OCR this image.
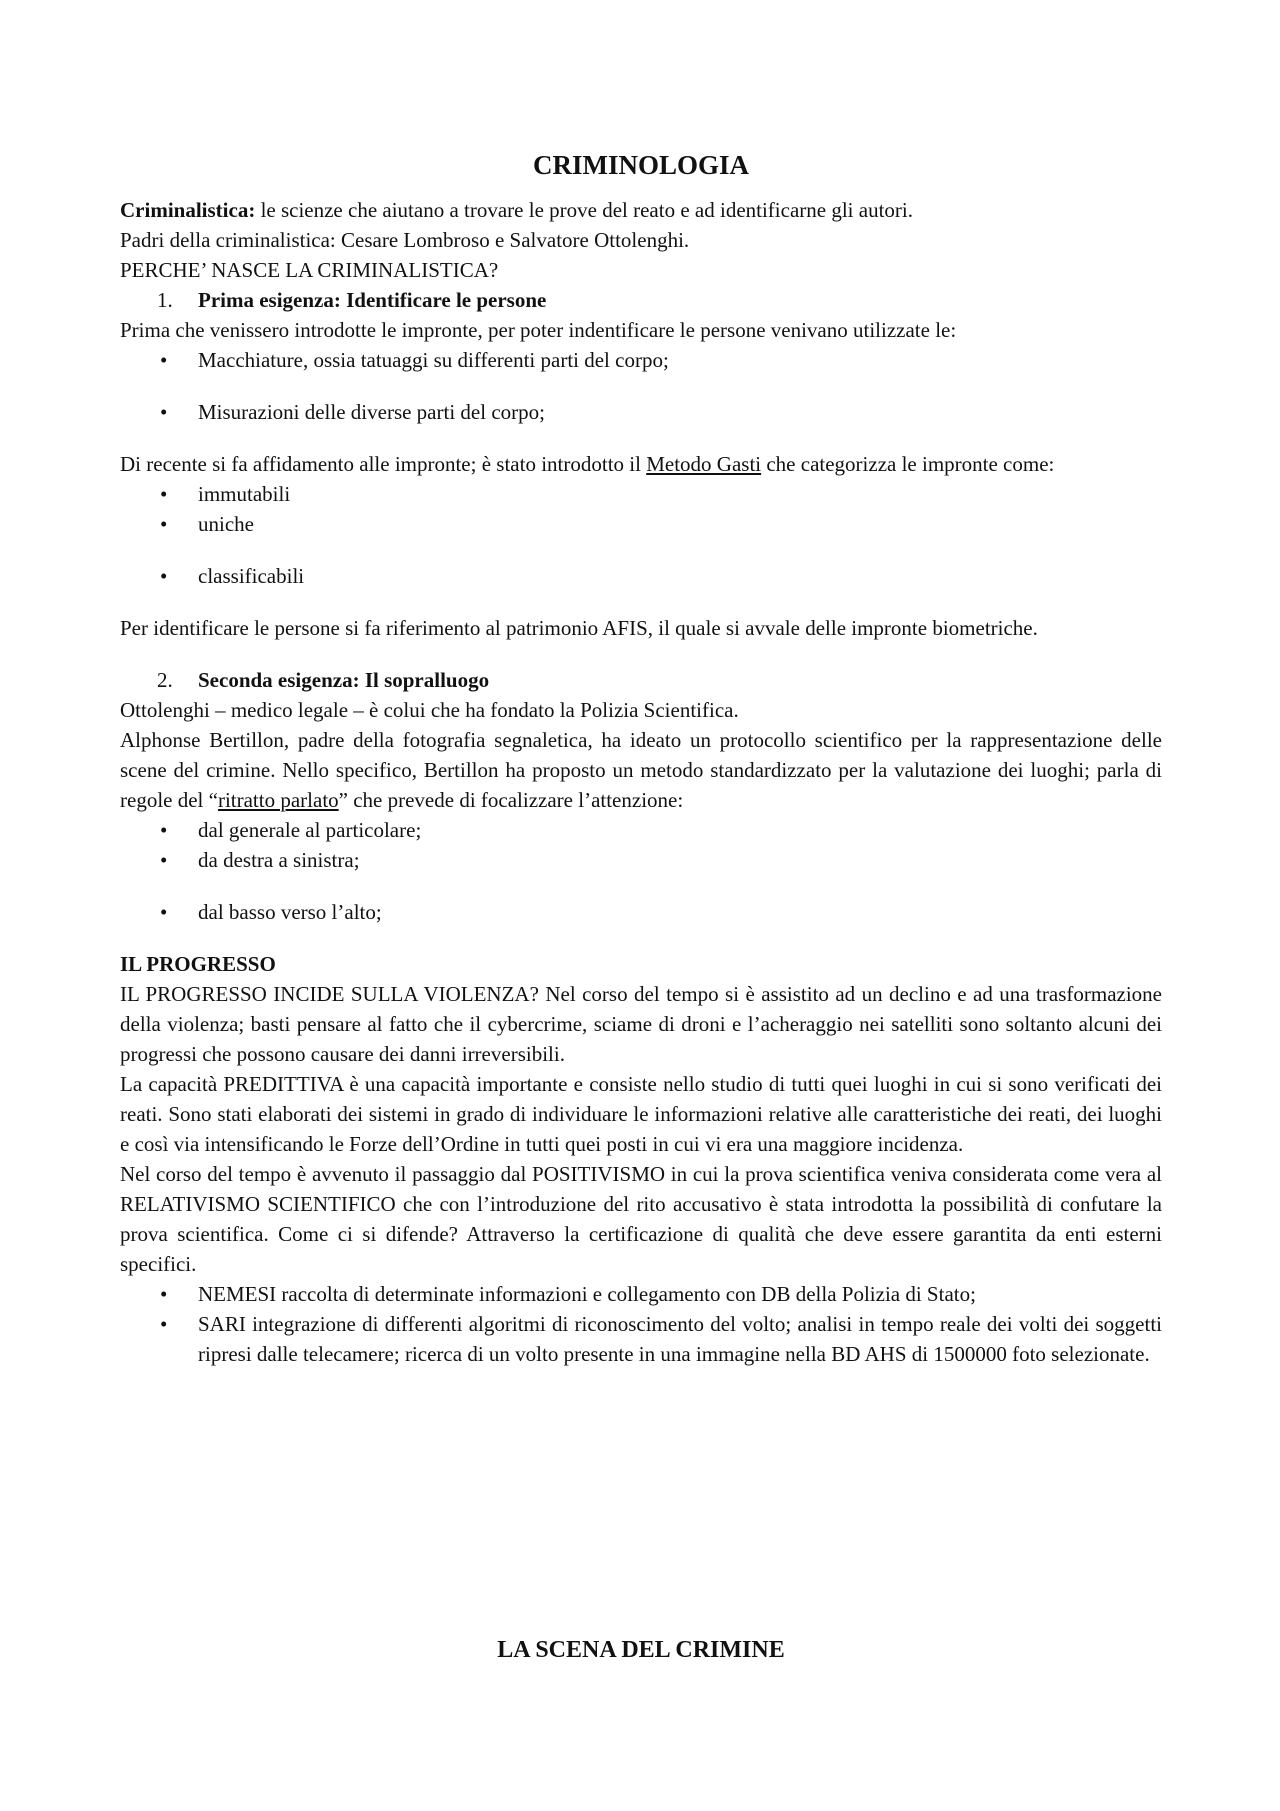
CRIMINOLOGIA

Criminalistica: le scienze che aiutano a trovare le prove del reato e ad identificarne gli autori.

Padri della criminalistica: Cesare Lombroso e Salvatore Ottolenghi.

PERCHE’ NASCE LA CRIMINALISTICA?

1. Prima esigenza: Identificare le persone

Prima che venissero introdotte le impronte, per poter indentificare le persone venivano utilizzate le:

• Macchiature, ossia tatuaggi su differenti parti del corpo;
• Misurazioni delle diverse parti del corpo;

Di recente si fa affidamento alle impronte; è stato introdotto il Metodo Gasti che categorizza le impronte come:

• immutabili
• uniche
• classificabili

Per identificare le persone si fa riferimento al patrimonio AFIS, il quale si avvale delle impronte biometriche.

2. Seconda esigenza: Il sopralluogo

Ottolenghi – medico legale – è colui che ha fondato la Polizia Scientifica.

Alphonse Bertillon, padre della fotografia segnaletica, ha ideato un protocollo scientifico per la rappresentazione delle scene del crimine. Nello specifico, Bertillon ha proposto un metodo standardizzato per la valutazione dei luoghi; parla di regole del “ritratto parlato” che prevede di focalizzare l’attenzione:

• dal generale al particolare;
• da destra a sinistra;
• dal basso verso l’alto;

IL PROGRESSO

IL PROGRESSO INCIDE SULLA VIOLENZA? Nel corso del tempo si è assistito ad un declino e ad una trasformazione della violenza; basti pensare al fatto che il cybercrime, sciame di droni e l’acheraggio nei satelliti sono soltanto alcuni dei progressi che possono causare dei danni irreversibili.

La capacità PREDITTIVA è una capacità importante e consiste nello studio di tutti quei luoghi in cui si sono verificati dei reati. Sono stati elaborati dei sistemi in grado di individuare le informazioni relative alle caratteristiche dei reati, dei luoghi e così via intensificando le Forze dell’Ordine in tutti quei posti in cui vi era una maggiore incidenza.

Nel corso del tempo è avvenuto il passaggio dal POSITIVISMO in cui la prova scientifica veniva considerata come vera al RELATIVISMO SCIENTIFICO che con l’introduzione del rito accusativo è stata introdotta la possibilità di confutare la prova scientifica. Come ci si difende? Attraverso la certificazione di qualità che deve essere garantita da enti esterni specifici.

• NEMESI raccolta di determinate informazioni e collegamento con DB della Polizia di Stato;
• SARI integrazione di differenti algoritmi di riconoscimento del volto; analisi in tempo reale dei volti dei soggetti ripresi dalle telecamere; ricerca di un volto presente in una immagine nella BD AHS di 1500000 foto selezionate.
LA SCENA DEL CRIMINE
